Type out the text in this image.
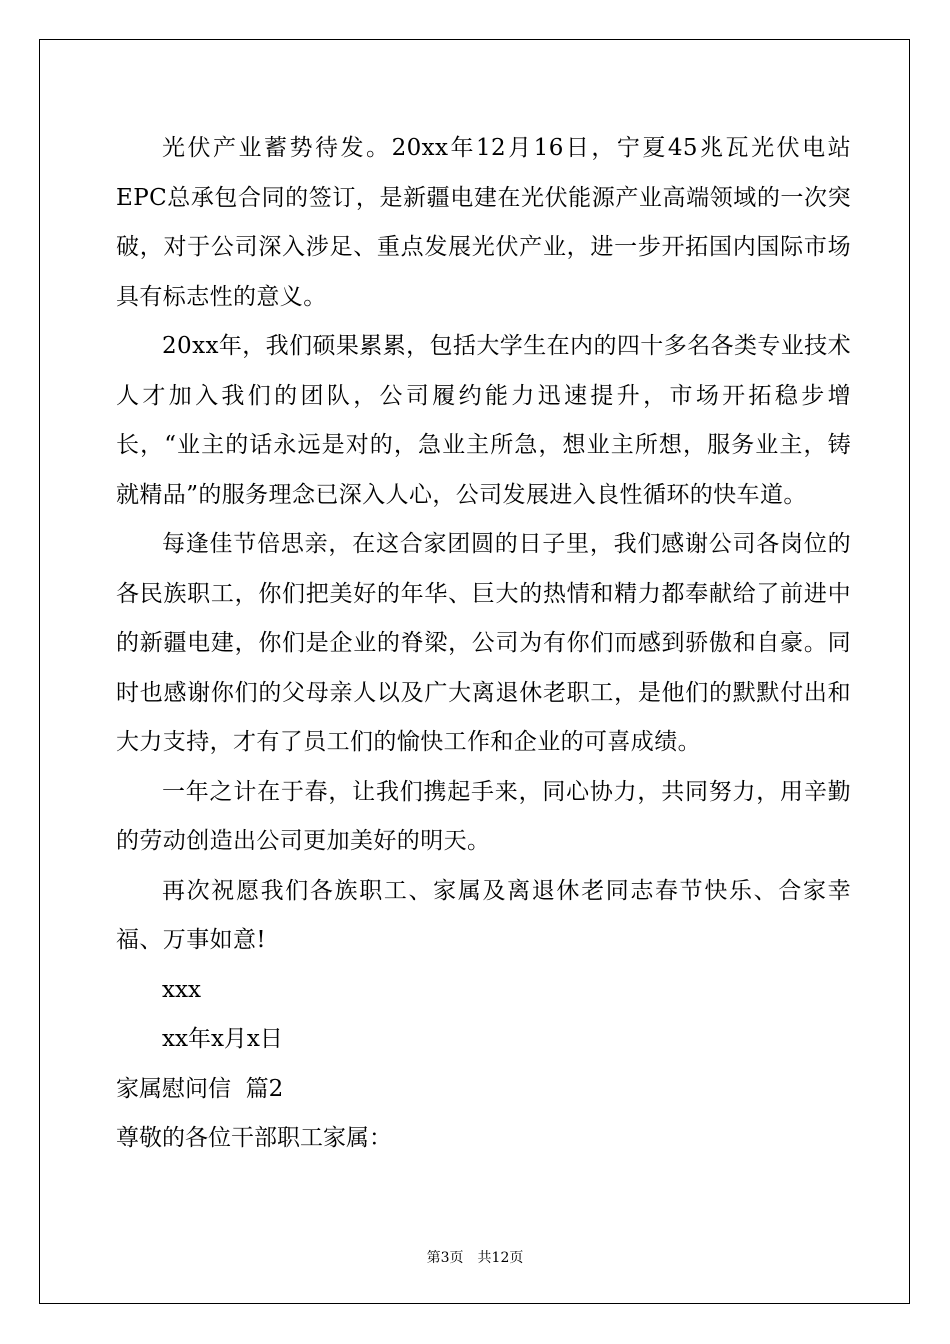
光伏产业蓄势待发。20xx年12月16日，宁夏45兆瓦光伏电站EPC总承包合同的签订，是新疆电建在光伏能源产业高端领域的一次突破，对于公司深入涉足、重点发展光伏产业，进一步开拓国内国际市场具有标志性的意义。

20xx年，我们硕果累累，包括大学生在内的四十多名各类专业技术人才加入我们的团队，公司履约能力迅速提升，市场开拓稳步增长，“业主的话永远是对的，急业主所急，想业主所想，服务业主，铸就精品”的服务理念已深入人心，公司发展进入良性循环的快车道。

每逢佳节倍思亲，在这合家团圆的日子里，我们感谢公司各岗位的各民族职工，你们把美好的年华、巨大的热情和精力都奉献给了前进中的新疆电建，你们是企业的脊梁，公司为有你们而感到骄傲和自豪。同时也感谢你们的父母亲人以及广大离退休老职工，是他们的默默付出和大力支持，才有了员工们的愉快工作和企业的可喜成绩。

一年之计在于春，让我们携起手来，同心协力，共同努力，用辛勤的劳动创造出公司更加美好的明天。

再次祝愿我们各族职工、家属及离退休老同志春节快乐、合家幸福、万事如意!

xxx

xx年x月x日

家属慰问信  篇2

尊敬的各位干部职工家属：

第3页　共12页
